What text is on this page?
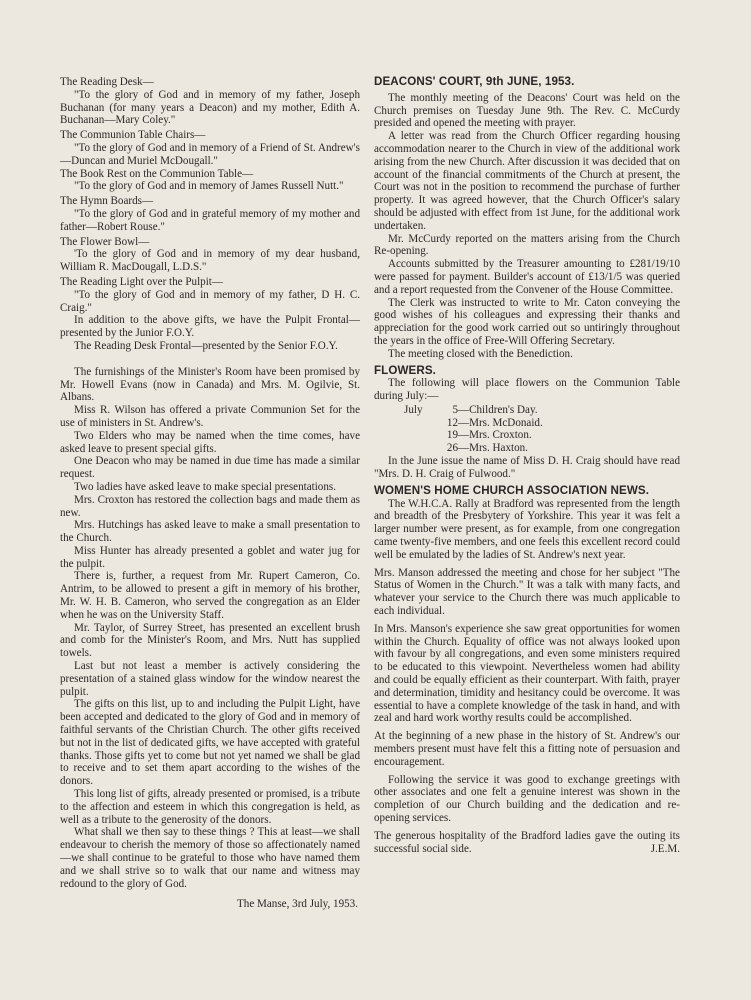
The Reading Desk—

"To the glory of God and in memory of my father, Joseph Buchanan (for many years a Deacon) and my mother, Edith A. Buchanan—Mary Coley."

The Communion Table Chairs—

"To the glory of God and in memory of a Friend of St. Andrew's—Duncan and Muriel McDougall."

The Book Rest on the Communion Table—

"To the glory of God and in memory of James Russell Nutt."

The Hymn Boards—

"To the glory of God and in grateful memory of my mother and father—Robert Rouse."

The Flower Bowl—

'To the glory of God and in memory of my dear husband, William R. MacDougall, L.D.S."

The Reading Light over the Pulpit—

"To the glory of God and in memory of my father, D H. C. Craig."

In addition to the above gifts, we have the Pulpit Frontal—presented by the Junior F.O.Y.

The Reading Desk Frontal—presented by the Senior F.O.Y.

The furnishings of the Minister's Room have been promised by Mr. Howell Evans (now in Canada) and Mrs. M. Ogilvie, St. Albans.

Miss R. Wilson has offered a private Communion Set for the use of ministers in St. Andrew's.

Two Elders who may be named when the time comes, have asked leave to present special gifts.

One Deacon who may be named in due time has made a similar request.

Two ladies have asked leave to make special presentations.

Mrs. Croxton has restored the collection bags and made them as new.

Mrs. Hutchings has asked leave to make a small presentation to the Church.

Miss Hunter has already presented a goblet and water jug for the pulpit.

There is, further, a request from Mr. Rupert Cameron, Co. Antrim, to be allowed to present a gift in memory of his brother, Mr. W. H. B. Cameron, who served the congregation as an Elder when he was on the University Staff.

Mr. Taylor, of Surrey Street, has presented an excellent brush and comb for the Minister's Room, and Mrs. Nutt has supplied towels.

Last but not least a member is actively considering the presentation of a stained glass window for the window nearest the pulpit.

The gifts on this list, up to and including the Pulpit Light, have been accepted and dedicated to the glory of God and in memory of faithful servants of the Christian Church. The other gifts received but not in the list of dedicated gifts, we have accepted with grateful thanks. Those gifts yet to come but not yet named we shall be glad to receive and to set them apart according to the wishes of the donors.

This long list of gifts, already presented or promised, is a tribute to the affection and esteem in which this congregation is held, as well as a tribute to the generosity of the donors.

What shall we then say to these things ? This at least—we shall endeavour to cherish the memory of those so affectionately named—we shall continue to be grateful to those who have named them and we shall strive so to walk that our name and witness may redound to the glory of God.

The Manse, 3rd July, 1953.

DEACONS' COURT, 9th JUNE, 1953.

The monthly meeting of the Deacons' Court was held on the Church premises on Tuesday June 9th. The Rev. C. McCurdy presided and opened the meeting with prayer.

A letter was read from the Church Officer regarding housing accommodation nearer to the Church in view of the additional work arising from the new Church. After discussion it was decided that on account of the financial commitments of the Church at present, the Court was not in the position to recommend the purchase of further property. It was agreed however, that the Church Officer's salary should be adjusted with effect from 1st June, for the additional work undertaken.

Mr. McCurdy reported on the matters arising from the Church Re-opening.

Accounts submitted by the Treasurer amounting to £281/19/10 were passed for payment. Builder's account of £13/1/5 was queried and a report requested from the Convener of the House Committee.

The Clerk was instructed to write to Mr. Caton conveying the good wishes of his colleagues and expressing their thanks and appreciation for the good work carried out so untiringly throughout the years in the office of Free-Will Offering Secretary.

The meeting closed with the Benediction.

FLOWERS.

The following will place flowers on the Communion Table during July:—

July	5	—Children's Day.
	12	—Mrs. McDonaid.
	19	—Mrs. Croxton.
	26	—Mrs. Haxton.

In the June issue the name of Miss D. H. Craig should have read "Mrs. D. H. Craig of Fulwood."

WOMEN'S HOME CHURCH ASSOCIATION NEWS.

The W.H.C.A. Rally at Bradford was represented from the length and breadth of the Presbytery of Yorkshire. This year it was felt a larger number were present, as for example, from one congregation came twenty-five members, and one feels this excellent record could well be emulated by the ladies of St. Andrew's next year.

Mrs. Manson addressed the meeting and chose for her subject "The Status of Women in the Church." It was a talk with many facts, and whatever your service to the Church there was much applicable to each individual.

In Mrs. Manson's experience she saw great opportunities for women within the Church. Equality of office was not always looked upon with favour by all congregations, and even some ministers required to be educated to this viewpoint. Nevertheless women had ability and could be equally efficient as their counterpart. With faith, prayer and determination, timidity and hesitancy could be overcome. It was essential to have a complete knowledge of the task in hand, and with zeal and hard work worthy results could be accomplished.

At the beginning of a new phase in the history of St. Andrew's our members present must have felt this a fitting note of persuasion and encouragement.

Following the service it was good to exchange greetings with other associates and one felt a genuine interest was shown in the completion of our Church building and the dedication and re-opening services.

The generous hospitality of the Bradford ladies gave the outing its successful social side.	J.E.M.
